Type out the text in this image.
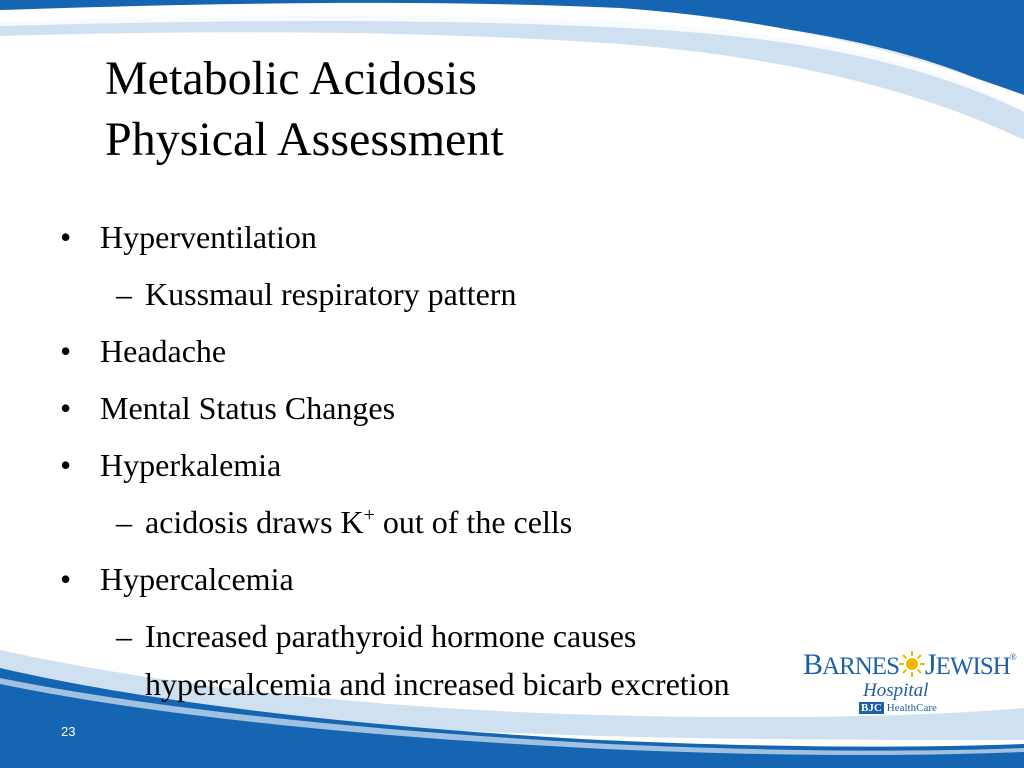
Metabolic Acidosis
Physical Assessment
• Hyperventilation
– Kussmaul respiratory pattern
• Headache
• Mental Status Changes
• Hyperkalemia
– acidosis draws K+ out of the cells
• Hypercalcemia
– Increased parathyroid hormone causes
hypercalcemia and increased bicarb excretion
BARNES JEWISH®
Hospital
BJC HealthCare
23
